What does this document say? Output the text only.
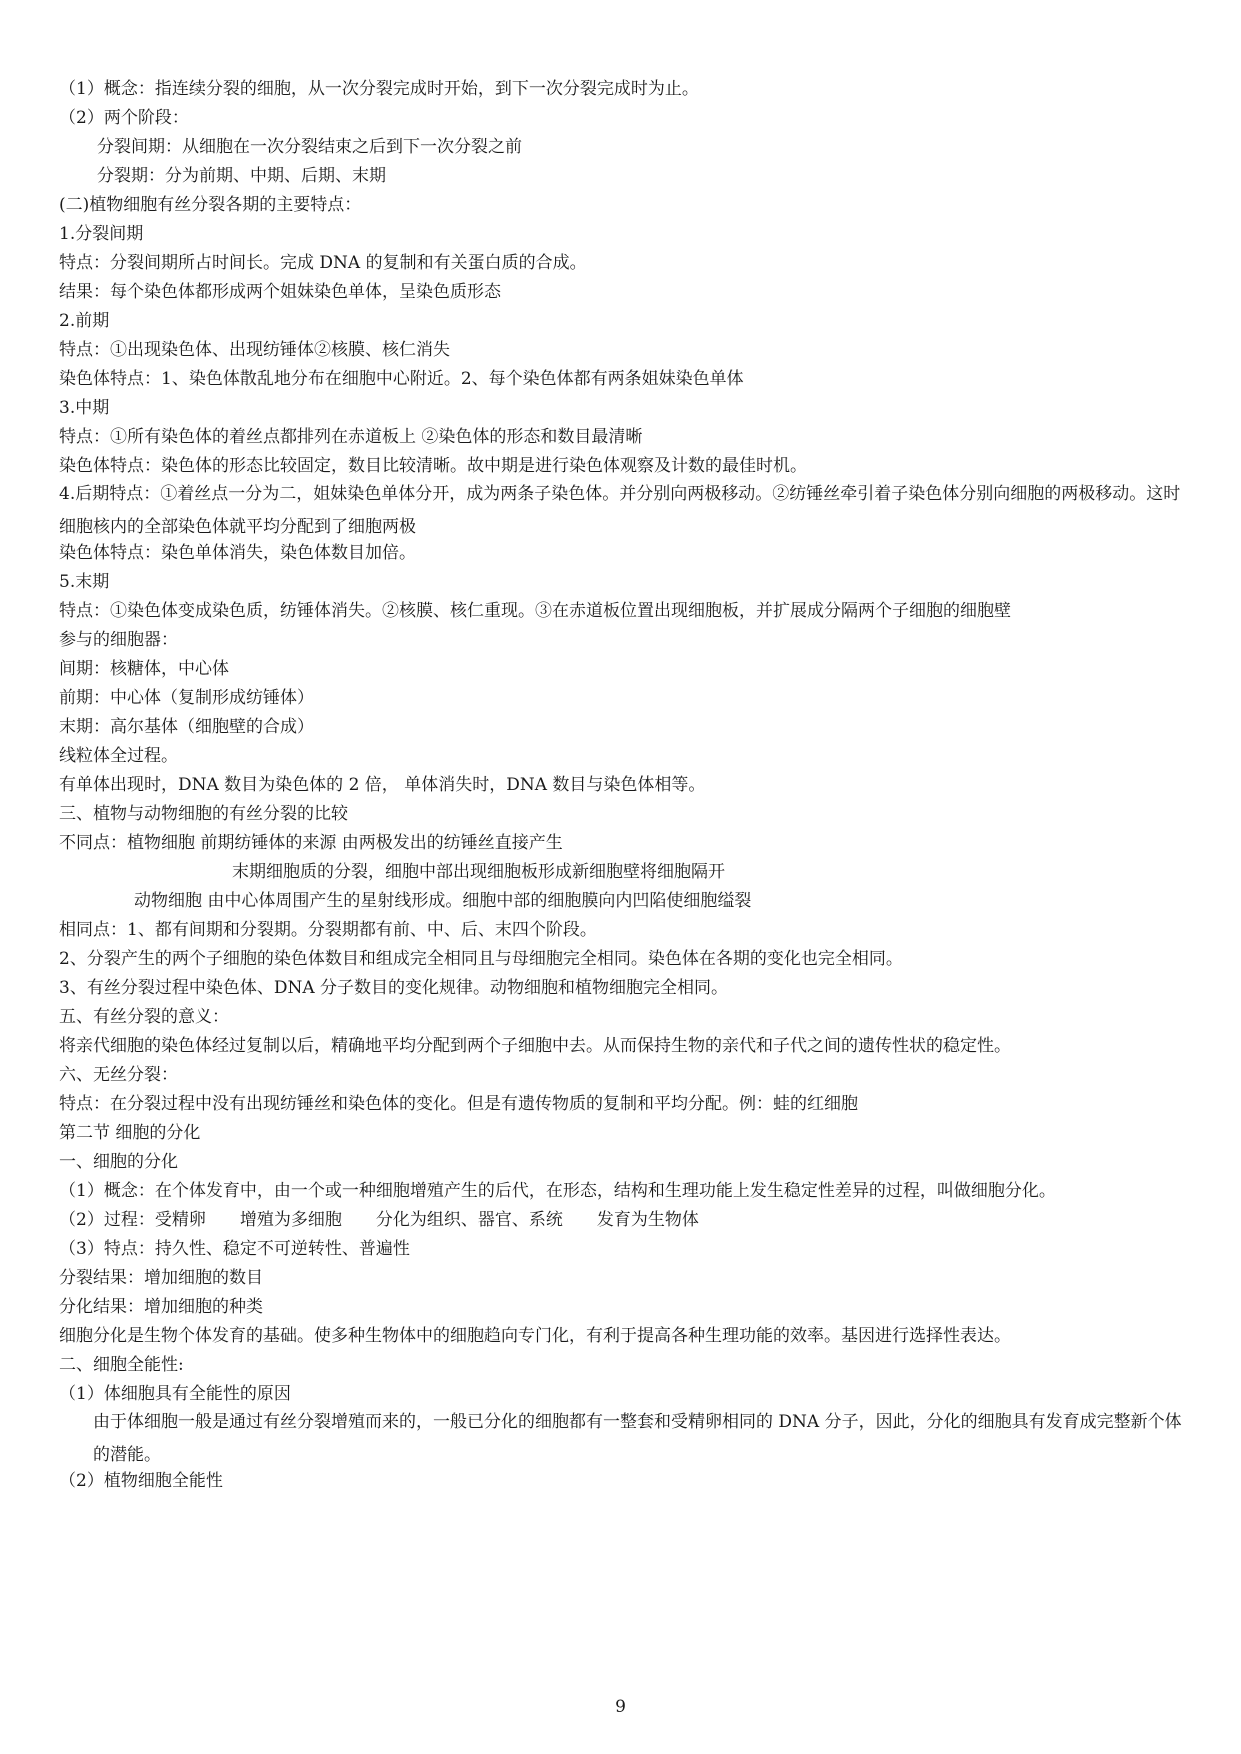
（1）概念：指连续分裂的细胞，从一次分裂完成时开始，到下一次分裂完成时为止。

（2）两个阶段：

分裂间期：从细胞在一次分裂结束之后到下一次分裂之前

分裂期：分为前期、中期、后期、末期

(二)植物细胞有丝分裂各期的主要特点：

1.分裂间期

特点：分裂间期所占时间长。完成 DNA 的复制和有关蛋白质的合成。

结果：每个染色体都形成两个姐妹染色单体，呈染色质形态

2.前期

特点：①出现染色体、出现纺锤体②核膜、核仁消失

染色体特点：1、染色体散乱地分布在细胞中心附近。2、每个染色体都有两条姐妹染色单体

3.中期

特点：①所有染色体的着丝点都排列在赤道板上 ②染色体的形态和数目最清晰

染色体特点：染色体的形态比较固定，数目比较清晰。故中期是进行染色体观察及计数的最佳时机。

4.后期特点：①着丝点一分为二，姐妹染色单体分开，成为两条子染色体。并分别向两极移动。②纺锤丝牵引着子染色体分别向细胞的两极移动。这时细胞核内的全部染色体就平均分配到了细胞两极

染色体特点：染色单体消失，染色体数目加倍。

5.末期

特点：①染色体变成染色质，纺锤体消失。②核膜、核仁重现。③在赤道板位置出现细胞板，并扩展成分隔两个子细胞的细胞壁

参与的细胞器：

间期：核糖体，中心体

前期：中心体（复制形成纺锤体）

末期：高尔基体（细胞壁的合成）

线粒体全过程。

有单体出现时，DNA 数目为染色体的 2 倍， 单体消失时，DNA 数目与染色体相等。

三、植物与动物细胞的有丝分裂的比较

不同点：植物细胞 前期纺锤体的来源 由两极发出的纺锤丝直接产生

末期细胞质的分裂，细胞中部出现细胞板形成新细胞壁将细胞隔开

动物细胞 由中心体周围产生的星射线形成。细胞中部的细胞膜向内凹陷使细胞缢裂

相同点：1、都有间期和分裂期。分裂期都有前、中、后、末四个阶段。

2、分裂产生的两个子细胞的染色体数目和组成完全相同且与母细胞完全相同。染色体在各期的变化也完全相同。

3、有丝分裂过程中染色体、DNA 分子数目的变化规律。动物细胞和植物细胞完全相同。

五、有丝分裂的意义：

将亲代细胞的染色体经过复制以后，精确地平均分配到两个子细胞中去。从而保持生物的亲代和子代之间的遗传性状的稳定性。

六、无丝分裂：

特点：在分裂过程中没有出现纺锤丝和染色体的变化。但是有遗传物质的复制和平均分配。例：蛙的红细胞

第二节 细胞的分化

一、细胞的分化

（1）概念：在个体发育中，由一个或一种细胞增殖产生的后代，在形态，结构和生理功能上发生稳定性差异的过程，叫做细胞分化。

（2）过程：受精卵　　增殖为多细胞　　分化为组织、器官、系统　　发育为生物体

（3）特点：持久性、稳定不可逆转性、普遍性

分裂结果：增加细胞的数目

分化结果：增加细胞的种类

细胞分化是生物个体发育的基础。使多种生物体中的细胞趋向专门化，有利于提高各种生理功能的效率。基因进行选择性表达。

二、细胞全能性:

（1）体细胞具有全能性的原因

由于体细胞一般是通过有丝分裂增殖而来的，一般已分化的细胞都有一整套和受精卵相同的 DNA 分子，因此，分化的细胞具有发育成完整新个体的潜能。

（2）植物细胞全能性

9
